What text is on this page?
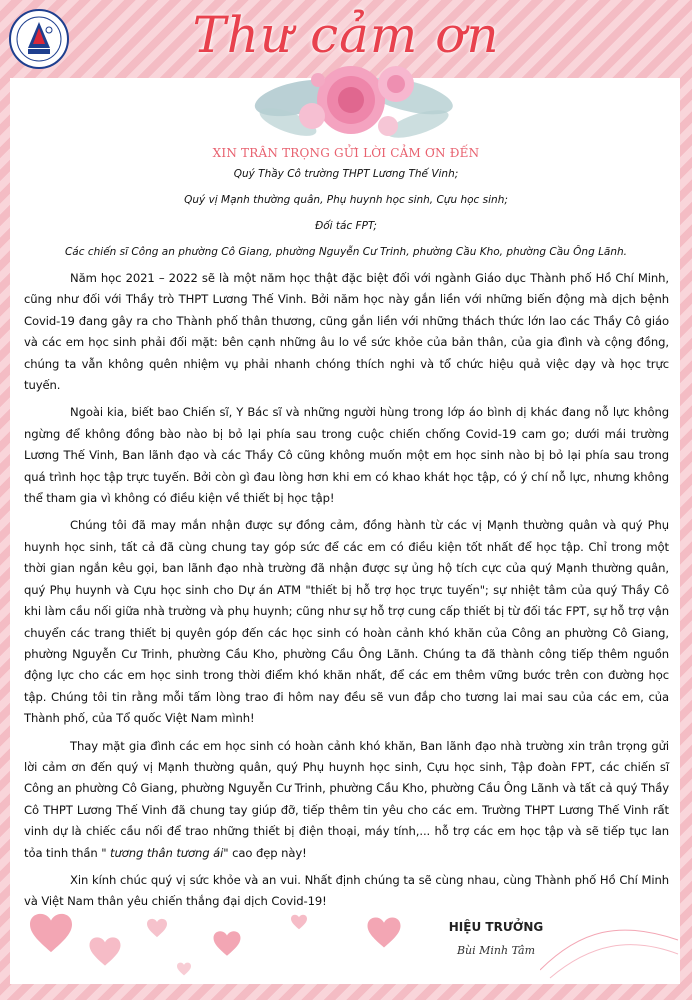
Thư cảm ơn
XIN TRÂN TRỌNG GỬI LỜI CẢM ƠN ĐẾN
Quý Thầy Cô trường THPT Lương Thế Vinh;
Quý vị Mạnh thường quân, Phụ huynh học sinh, Cựu học sinh;
Đối tác FPT;
Các chiến sĩ Công an phường Cô Giang, phường Nguyễn Cư Trinh, phường Cầu Kho, phường Cầu Ông Lãnh.

Năm học 2021 – 2022 sẽ là một năm học thật đặc biệt đối với ngành Giáo dục Thành phố Hồ Chí Minh, cũng như đối với Thầy trò THPT Lương Thế Vinh. Bởi năm học này gắn liền với những biến động mà dịch bệnh Covid-19 đang gây ra cho Thành phố thân thương, cũng gắn liền với những thách thức lớn lao các Thầy Cô giáo và các em học sinh phải đối mặt: bên cạnh những âu lo về sức khỏe của bản thân, của gia đình và cộng đồng, chúng ta vẫn không quên nhiệm vụ phải nhanh chóng thích nghi và tổ chức hiệu quả việc dạy và học trực tuyến.

Ngoài kia, biết bao Chiến sĩ, Y Bác sĩ và những người hùng trong lớp áo bình dị khác đang nỗ lực không ngừng để không đồng bào nào bị bỏ lại phía sau trong cuộc chiến chống Covid-19 cam go; dưới mái trường Lương Thế Vinh, Ban lãnh đạo và các Thầy Cô cũng không muốn một em học sinh nào bị bỏ lại phía sau trong quá trình học tập trực tuyến. Bởi còn gì đau lòng hơn khi em có khao khát học tập, có ý chí nỗ lực, nhưng không thể tham gia vì không có điều kiện về thiết bị học tập!

Chúng tôi đã may mắn nhận được sự đồng cảm, đồng hành từ các vị Mạnh thường quân và quý Phụ huynh học sinh, tất cả đã cùng chung tay góp sức để các em có điều kiện tốt nhất để học tập. Chỉ trong một thời gian ngắn kêu gọi, ban lãnh đạo nhà trường đã nhận được sự ủng hộ tích cực của quý Mạnh thường quân, quý Phụ huynh và Cựu học sinh cho Dự án ATM "thiết bị hỗ trợ học trực tuyến"; sự nhiệt tâm của quý Thầy Cô khi làm cầu nối giữa nhà trường và phụ huynh; cũng như sự hỗ trợ cung cấp thiết bị từ đối tác FPT, sự hỗ trợ vận chuyển các trang thiết bị quyên góp đến các học sinh có hoàn cảnh khó khăn của Công an phường Cô Giang, phường Nguyễn Cư Trinh, phường Cầu Kho, phường Cầu Ông Lãnh. Chúng ta đã thành công tiếp thêm nguồn động lực cho các em học sinh trong thời điểm khó khăn nhất, để các em thêm vững bước trên con đường học tập. Chúng tôi tin rằng mỗi tấm lòng trao đi hôm nay đều sẽ vun đắp cho tương lai mai sau của các em, của Thành phố, của Tổ quốc Việt Nam mình!

Thay mặt gia đình các em học sinh có hoàn cảnh khó khăn, Ban lãnh đạo nhà trường xin trân trọng gửi lời cảm ơn đến quý vị Mạnh thường quân, quý Phụ huynh học sinh, Cựu học sinh, Tập đoàn FPT, các chiến sĩ Công an phường Cô Giang, phường Nguyễn Cư Trinh, phường Cầu Kho, phường Cầu Ông Lãnh và tất cả quý Thầy Cô THPT Lương Thế Vinh đã chung tay giúp đỡ, tiếp thêm tin yêu cho các em. Trường THPT Lương Thế Vinh rất vinh dự là chiếc cầu nối để trao những thiết bị điện thoại, máy tính,... hỗ trợ các em học tập và sẽ tiếp tục lan tỏa tinh thần " tương thân tương ái" cao đẹp này!

Xin kính chúc quý vị sức khỏe và an vui. Nhất định chúng ta sẽ cùng nhau, cùng Thành phố Hồ Chí Minh và Việt Nam thân yêu chiến thắng đại dịch Covid-19!

HIỆU TRƯỞNG
Bùi Minh Tâm
